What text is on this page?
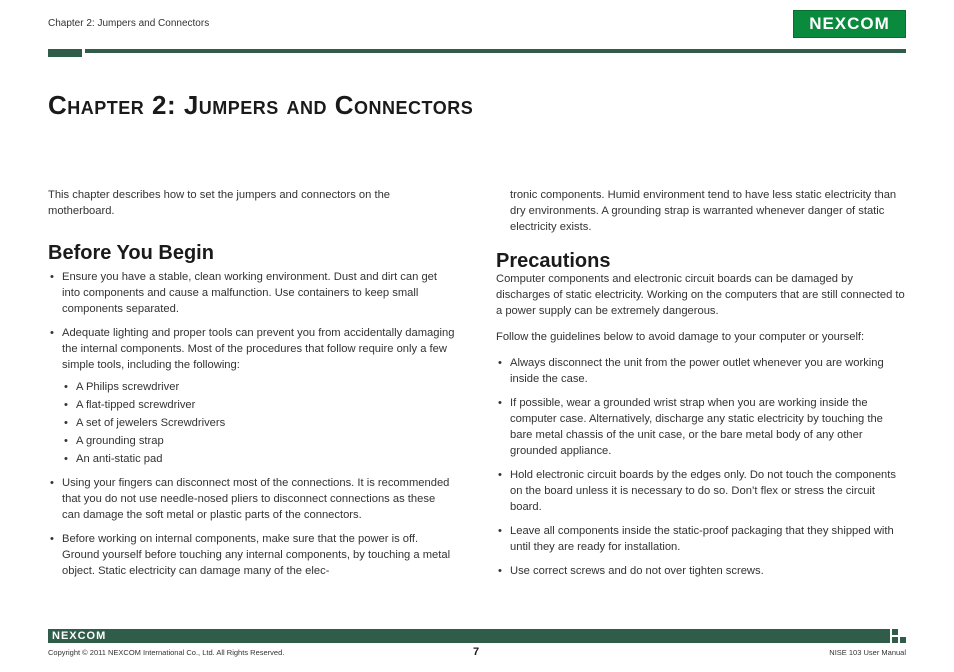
Chapter 2: Jumpers and Connectors	NEXCOM
Chapter 2: Jumpers and Connectors

This chapter describes how to set the jumpers and connectors on the motherboard.

Before You Begin
• Ensure you have a stable, clean working environment. Dust and dirt can get into components and cause a malfunction. Use containers to keep small components separated.
• Adequate lighting and proper tools can prevent you from accidentally damaging the internal components. Most of the procedures that follow require only a few simple tools, including the following:
• A Philips screwdriver
• A flat-tipped screwdriver
• A set of jewelers Screwdrivers
• A grounding strap
• An anti-static pad
• Using your fingers can disconnect most of the connections. It is recommended that you do not use needle-nosed pliers to disconnect connections as these can damage the soft metal or plastic parts of the connectors.
• Before working on internal components, make sure that the power is off. Ground yourself before touching any internal components, by touching a metal object. Static electricity can damage many of the elec-

tronic components. Humid environment tend to have less static electricity than dry environments. A grounding strap is warranted whenever danger of static electricity exists.

Precautions

Computer components and electronic circuit boards can be damaged by discharges of static electricity. Working on the computers that are still connected to a power supply can be extremely dangerous.

Follow the guidelines below to avoid damage to your computer or yourself:

• Always disconnect the unit from the power outlet whenever you are working inside the case.
• If possible, wear a grounded wrist strap when you are working inside the computer case. Alternatively, discharge any static electricity by touching the bare metal chassis of the unit case, or the bare metal body of any other grounded appliance.
• Hold electronic circuit boards by the edges only. Do not touch the components on the board unless it is necessary to do so. Don’t flex or stress the circuit board.
• Leave all components inside the static-proof packaging that they shipped with until they are ready for installation.
• Use correct screws and do not over tighten screws.
NEXCOM
Copyright © 2011 NEXCOM International Co., Ltd. All Rights Reserved.	7	NISE 103 User Manual
